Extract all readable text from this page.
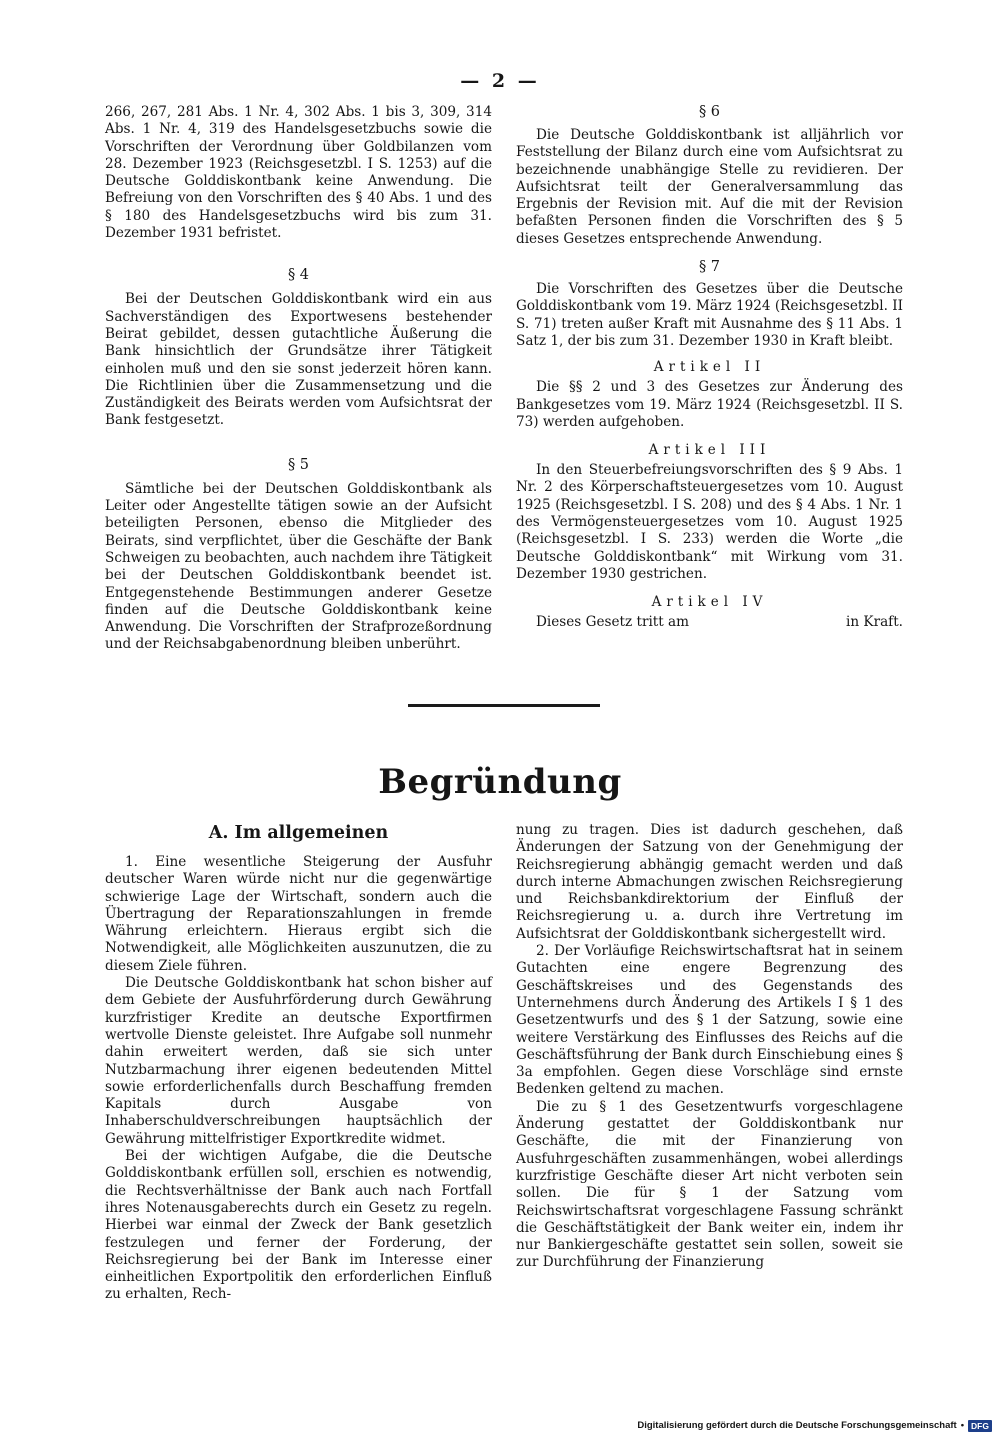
— 2 —

266, 267, 281 Abs. 1 Nr. 4, 302 Abs. 1 bis 3, 309, 314 Abs. 1 Nr. 4, 319 des Handelsgesetzbuchs sowie die Vorschriften der Verordnung über Goldbilanzen vom 28. Dezember 1923 (Reichsgesetzbl. I S. 1253) auf die Deutsche Golddiskontbank keine Anwendung. Die Befreiung von den Vorschriften des § 40 Abs. 1 und des § 180 des Handelsgesetzbuchs wird bis zum 31. Dezember 1931 befristet.

§ 4

Bei der Deutschen Golddiskontbank wird ein aus Sachverständigen des Exportwesens bestehender Beirat gebildet, dessen gutachtliche Äußerung die Bank hinsichtlich der Grundsätze ihrer Tätigkeit einholen muß und den sie sonst jederzeit hören kann. Die Richtlinien über die Zusammensetzung und die Zuständigkeit des Beirats werden vom Aufsichtsrat der Bank festgesetzt.

§ 5

Sämtliche bei der Deutschen Golddiskontbank als Leiter oder Angestellte tätigen sowie an der Aufsicht beteiligten Personen, ebenso die Mitglieder des Beirats, sind verpflichtet, über die Geschäfte der Bank Schweigen zu beobachten, auch nachdem ihre Tätigkeit bei der Deutschen Golddiskontbank beendet ist. Entgegenstehende Bestimmungen anderer Gesetze finden auf die Deutsche Golddiskontbank keine Anwendung. Die Vorschriften der Strafprozeßordnung und der Reichsabgabenordnung bleiben unberührt.

§ 6

Die Deutsche Golddiskontbank ist alljährlich vor Feststellung der Bilanz durch eine vom Aufsichtsrat zu bezeichnende unabhängige Stelle zu revidieren. Der Aufsichtsrat teilt der Generalversammlung das Ergebnis der Revision mit. Auf die mit der Revision befaßten Personen finden die Vorschriften des § 5 dieses Gesetzes entsprechende Anwendung.

§ 7

Die Vorschriften des Gesetzes über die Deutsche Golddiskontbank vom 19. März 1924 (Reichsgesetzbl. II S. 71) treten außer Kraft mit Ausnahme des § 11 Abs. 1 Satz 1, der bis zum 31. Dezember 1930 in Kraft bleibt.

Artikel II

Die §§ 2 und 3 des Gesetzes zur Änderung des Bankgesetzes vom 19. März 1924 (Reichsgesetzbl. II S. 73) werden aufgehoben.

Artikel III

In den Steuerbefreiungsvorschriften des § 9 Abs. 1 Nr. 2 des Körperschaftsteuergesetzes vom 10. August 1925 (Reichsgesetzbl. I S. 208) und des § 4 Abs. 1 Nr. 1 des Vermögensteuergesetzes vom 10. August 1925 (Reichsgesetzbl. I S. 233) werden die Worte „die Deutsche Golddiskontbank“ mit Wirkung vom 31. Dezember 1930 gestrichen.

Artikel IV

Dieses Gesetz tritt am	in Kraft.

Begründung

A. Im allgemeinen

1. Eine wesentliche Steigerung der Ausfuhr deutscher Waren würde nicht nur die gegenwärtige schwierige Lage der Wirtschaft, sondern auch die Übertragung der Reparationszahlungen in fremde Währung erleichtern. Hieraus ergibt sich die Notwendigkeit, alle Möglichkeiten auszunutzen, die zu diesem Ziele führen.

Die Deutsche Golddiskontbank hat schon bisher auf dem Gebiete der Ausfuhrförderung durch Gewährung kurzfristiger Kredite an deutsche Exportfirmen wertvolle Dienste geleistet. Ihre Aufgabe soll nunmehr dahin erweitert werden, daß sie sich unter Nutzbarmachung ihrer eigenen bedeutenden Mittel sowie erforderlichenfalls durch Beschaffung fremden Kapitals durch Ausgabe von Inhaberschuldverschreibungen hauptsächlich der Gewährung mittelfristiger Exportkredite widmet.

Bei der wichtigen Aufgabe, die die Deutsche Golddiskontbank erfüllen soll, erschien es notwendig, die Rechtsverhältnisse der Bank auch nach Fortfall ihres Notenausgaberechts durch ein Gesetz zu regeln. Hierbei war einmal der Zweck der Bank gesetzlich festzulegen und ferner der Forderung, der Reichsregierung bei der Bank im Interesse einer einheitlichen Exportpolitik den erforderlichen Einfluß zu erhalten, Rech-

nung zu tragen. Dies ist dadurch geschehen, daß Änderungen der Satzung von der Genehmigung der Reichsregierung abhängig gemacht werden und daß durch interne Abmachungen zwischen Reichsregierung und Reichsbankdirektorium der Einfluß der Reichsregierung u. a. durch ihre Vertretung im Aufsichtsrat der Golddiskontbank sichergestellt wird.

2. Der Vorläufige Reichswirtschaftsrat hat in seinem Gutachten eine engere Begrenzung des Geschäftskreises und des Gegenstands des Unternehmens durch Änderung des Artikels I § 1 des Gesetzentwurfs und des § 1 der Satzung, sowie eine weitere Verstärkung des Einflusses des Reichs auf die Geschäftsführung der Bank durch Einschiebung eines § 3a empfohlen. Gegen diese Vorschläge sind ernste Bedenken geltend zu machen.

Die zu § 1 des Gesetzentwurfs vorgeschlagene Änderung gestattet der Golddiskontbank nur Geschäfte, die mit der Finanzierung von Ausfuhrgeschäften zusammenhängen, wobei allerdings kurzfristige Geschäfte dieser Art nicht verboten sein sollen. Die für § 1 der Satzung vom Reichswirtschaftsrat vorgeschlagene Fassung schränkt die Geschäftstätigkeit der Bank weiter ein, indem ihr nur Bankiergeschäfte gestattet sein sollen, soweit sie zur Durchführung der Finanzierung

Digitalisierung gefördert durch die Deutsche Forschungsgemeinschaft • DFG
